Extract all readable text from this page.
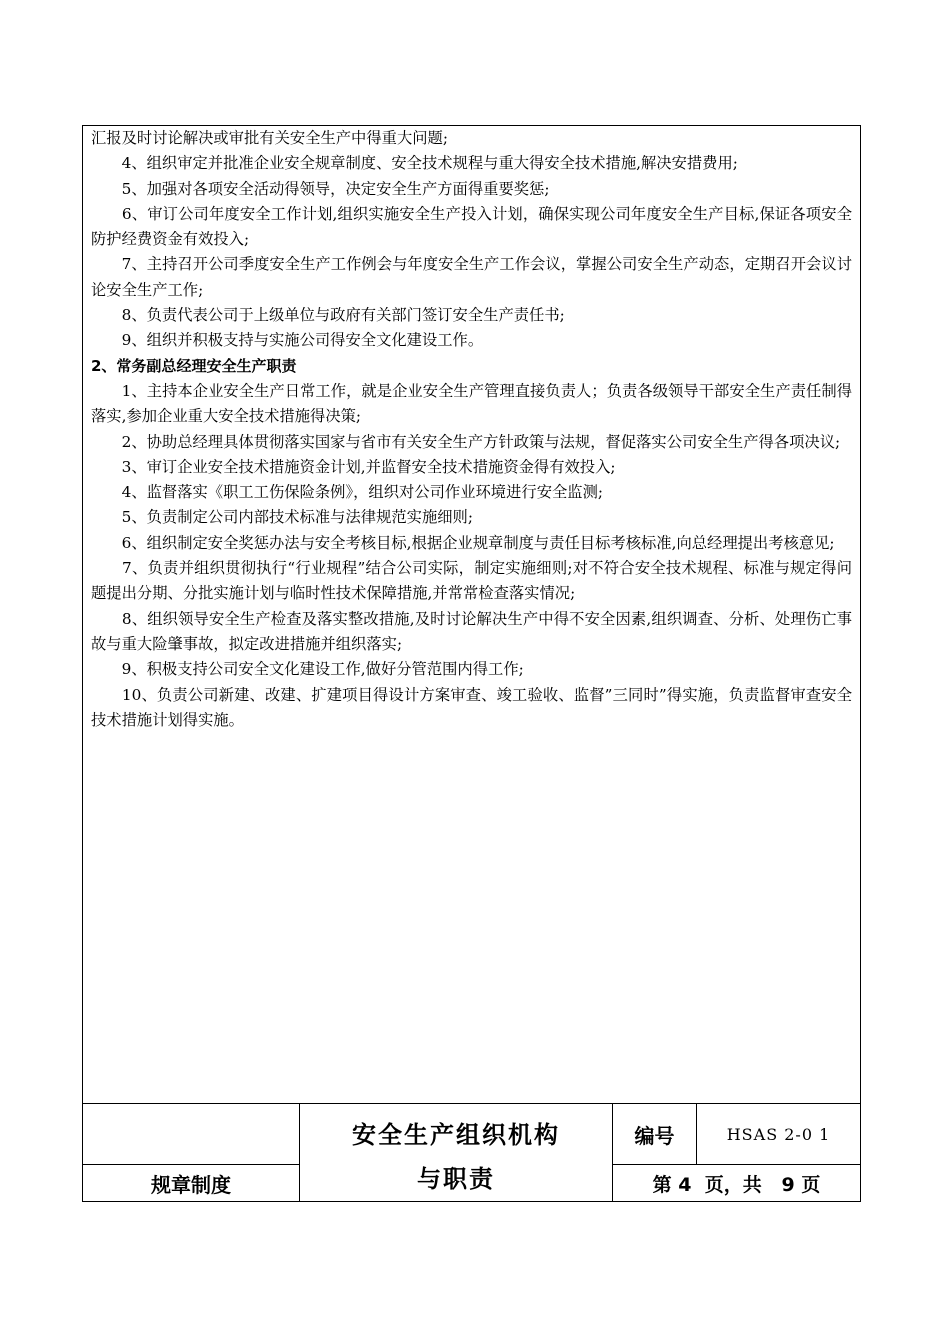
汇报及时讨论解决或审批有关安全生产中得重大问题;

　　4、组织审定并批准企业安全规章制度、安全技术规程与重大得安全技术措施,解决安措费用;

　　5、加强对各项安全活动得领导，决定安全生产方面得重要奖惩;

　　6、审订公司年度安全工作计划,组织实施安全生产投入计划，确保实现公司年度安全生产目标,保证各项安全防护经费资金有效投入;

　　7、主持召开公司季度安全生产工作例会与年度安全生产工作会议，掌握公司安全生产动态，定期召开会议讨论安全生产工作;

　　8、负责代表公司于上级单位与政府有关部门签订安全生产责任书;

　　9、组织并积极支持与实施公司得安全文化建设工作。

2、常务副总经理安全生产职责

　　1、主持本企业安全生产日常工作，就是企业安全生产管理直接负责人；负责各级领导干部安全生产责任制得落实,参加企业重大安全技术措施得决策;

　　2、协助总经理具体贯彻落实国家与省市有关安全生产方针政策与法规，督促落实公司安全生产得各项决议;

　　3、审订企业安全技术措施资金计划,并监督安全技术措施资金得有效投入;

　　4、监督落实《职工工伤保险条例》，组织对公司作业环境进行安全监测;

　　5、负责制定公司内部技术标准与法律规范实施细则;

　　6、组织制定安全奖惩办法与安全考核目标,根据企业规章制度与责任目标考核标准,向总经理提出考核意见;

　　7、负责并组织贯彻执行“行业规程”结合公司实际，制定实施细则;对不符合安全技术规程、标准与规定得问题提出分期、分批实施计划与临时性技术保障措施,并常常检查落实情况;

　　8、组织领导安全生产检查及落实整改措施,及时讨论解决生产中得不安全因素,组织调查、分析、处理伤亡事故与重大险肇事故，拟定改进措施并组织落实;

　　9、积极支持公司安全文化建设工作,做好分管范围内得工作;

　　10、负责公司新建、改建、扩建项目得设计方案审查、竣工验收、监督”三同时”得实施，负责监督审查安全技术措施计划得实施。

规章制度
安全生产组织机构
与职责
编号	HSAS 2-0 1
第 4  页，共   9 页
